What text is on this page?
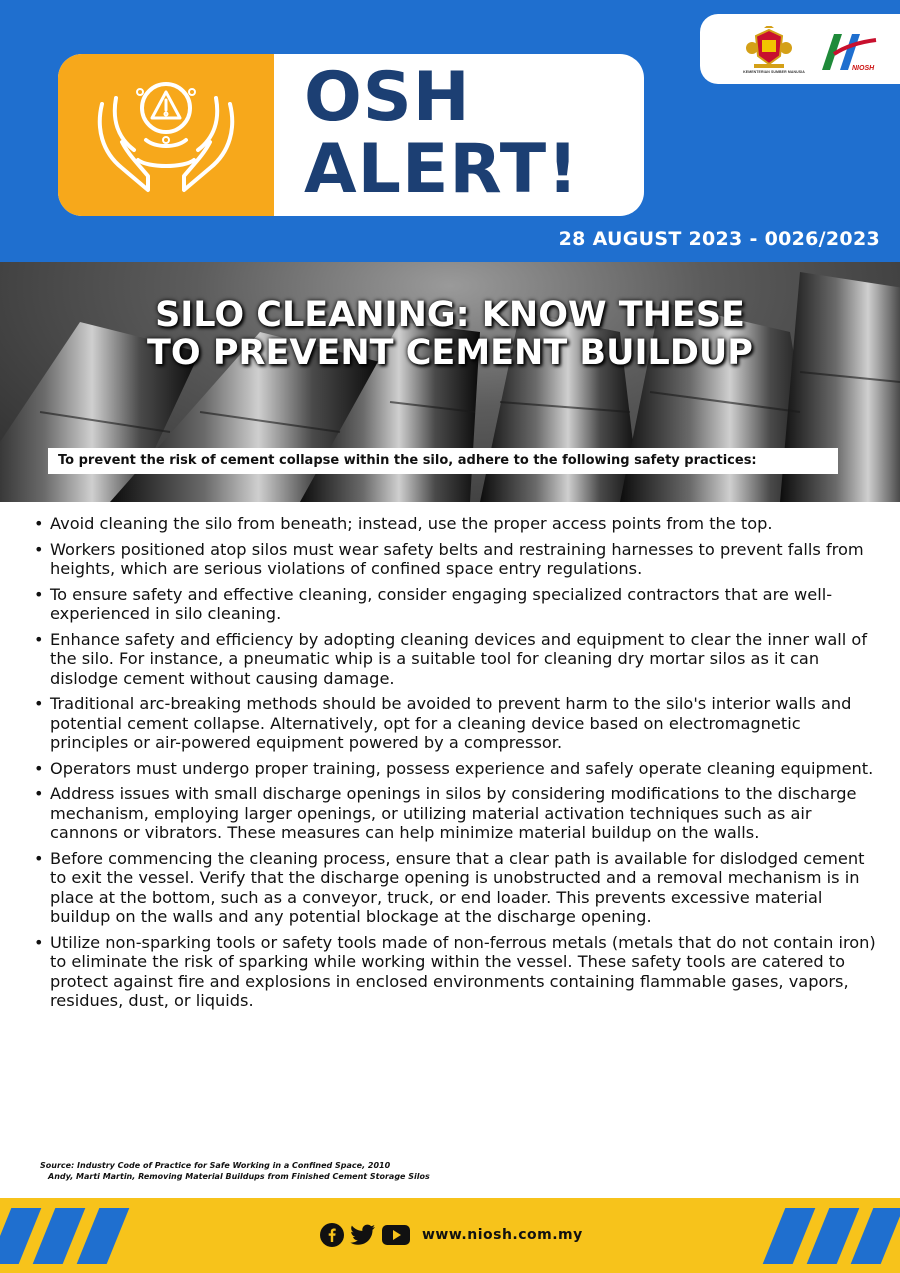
KEMENTERIAN SUMBER MANUSIA	NIOSH
OSH
ALERT!
28 AUGUST 2023 - 0026/2023
SILO CLEANING: KNOW THESE
TO PREVENT CEMENT BUILDUP
To prevent the risk of cement collapse within the silo, adhere to the following safety practices:
• Avoid cleaning the silo from beneath; instead, use the proper access points from the top.
• Workers positioned atop silos must wear safety belts and restraining harnesses to prevent falls from heights, which are serious violations of confined space entry regulations.
• To ensure safety and effective cleaning, consider engaging specialized contractors that are well-experienced in silo cleaning.
• Enhance safety and efficiency by adopting cleaning devices and equipment to clear the inner wall of the silo. For instance, a pneumatic whip is a suitable tool for cleaning dry mortar silos as it can dislodge cement without causing damage.
• Traditional arc-breaking methods should be avoided to prevent harm to the silo's interior walls and potential cement collapse. Alternatively, opt for a cleaning device based on electromagnetic principles or air-powered equipment powered by a compressor.
• Operators must undergo proper training, possess experience and safely operate cleaning equipment.
• Address issues with small discharge openings in silos by considering modifications to the discharge mechanism, employing larger openings, or utilizing material activation techniques such as air cannons or vibrators. These measures can help minimize material buildup on the walls.
• Before commencing the cleaning process, ensure that a clear path is available for dislodged cement to exit the vessel. Verify that the discharge opening is unobstructed and a removal mechanism is in place at the bottom, such as a conveyor, truck, or end loader. This prevents excessive material buildup on the walls and any potential blockage at the discharge opening.
• Utilize non-sparking tools or safety tools made of non-ferrous metals (metals that do not contain iron) to eliminate the risk of sparking while working within the vessel. These safety tools are catered to protect against fire and explosions in enclosed environments containing flammable gases, vapors, residues, dust, or liquids.
Source: Industry Code of Practice for Safe Working in a Confined Space, 2010
Andy, Marti Martin, Removing Material Buildups from Finished Cement Storage Silos
www.niosh.com.my
